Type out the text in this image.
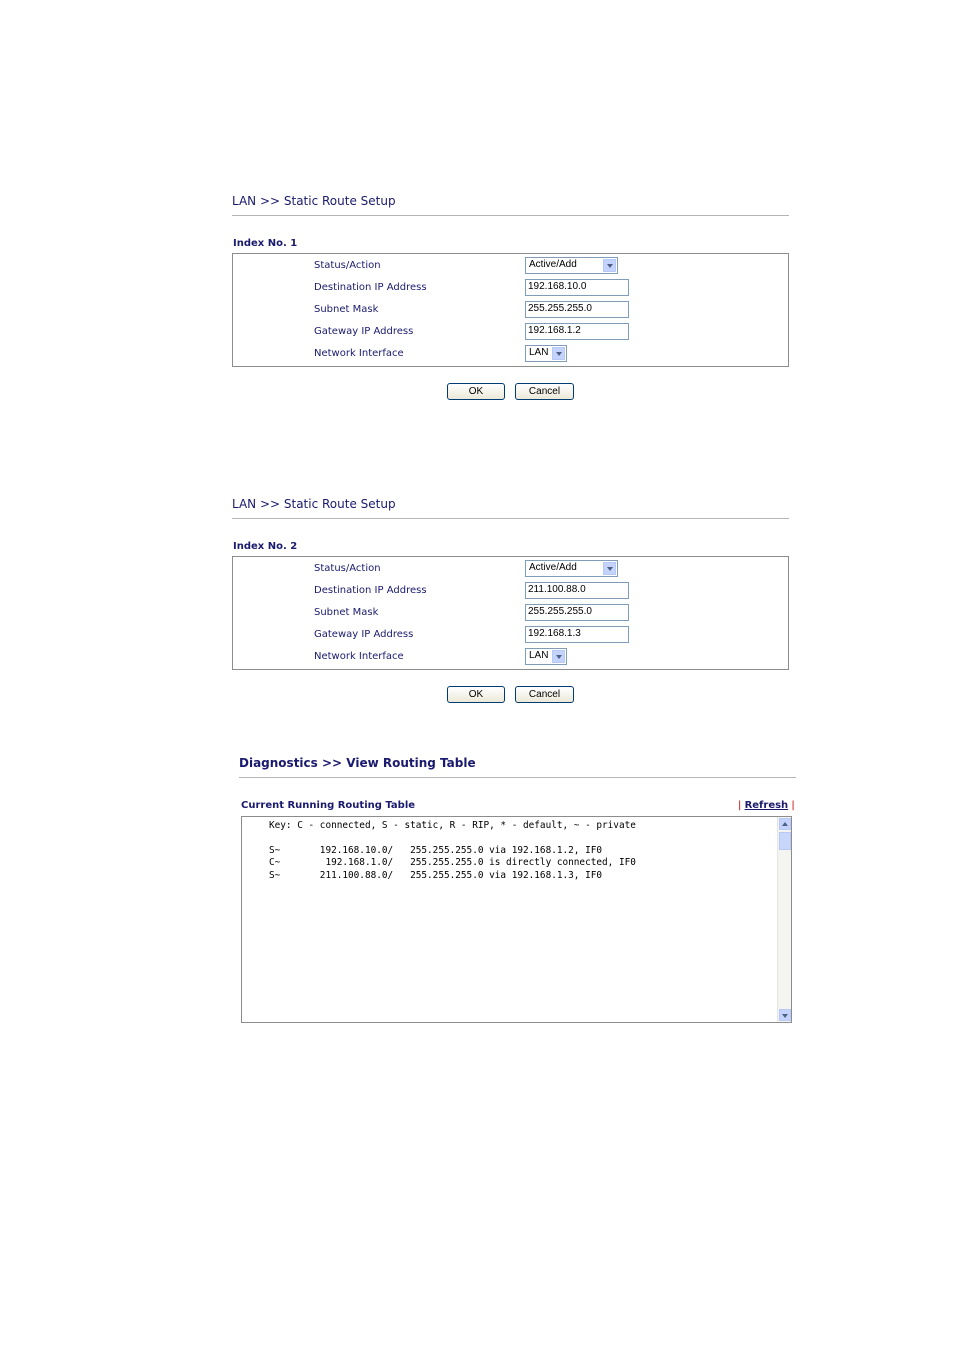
LAN >> Static Route Setup
Index No. 1
Status/Action	Active/Add
Destination IP Address	192.168.10.0
Subnet Mask	255.255.255.0
Gateway IP Address	192.168.1.2
Network Interface	LAN
OK	Cancel
LAN >> Static Route Setup
Index No. 2
Status/Action	Active/Add
Destination IP Address	211.100.88.0
Subnet Mask	255.255.255.0
Gateway IP Address	192.168.1.3
Network Interface	LAN
OK	Cancel
Diagnostics >> View Routing Table
Current Running Routing Table	| Refresh |
Key: C - connected, S - static, R - RIP, * - default, ~ - private
S~       192.168.10.0/   255.255.255.0 via 192.168.1.2, IF0
C~        192.168.1.0/   255.255.255.0 is directly connected, IF0
S~       211.100.88.0/   255.255.255.0 via 192.168.1.3, IF0
